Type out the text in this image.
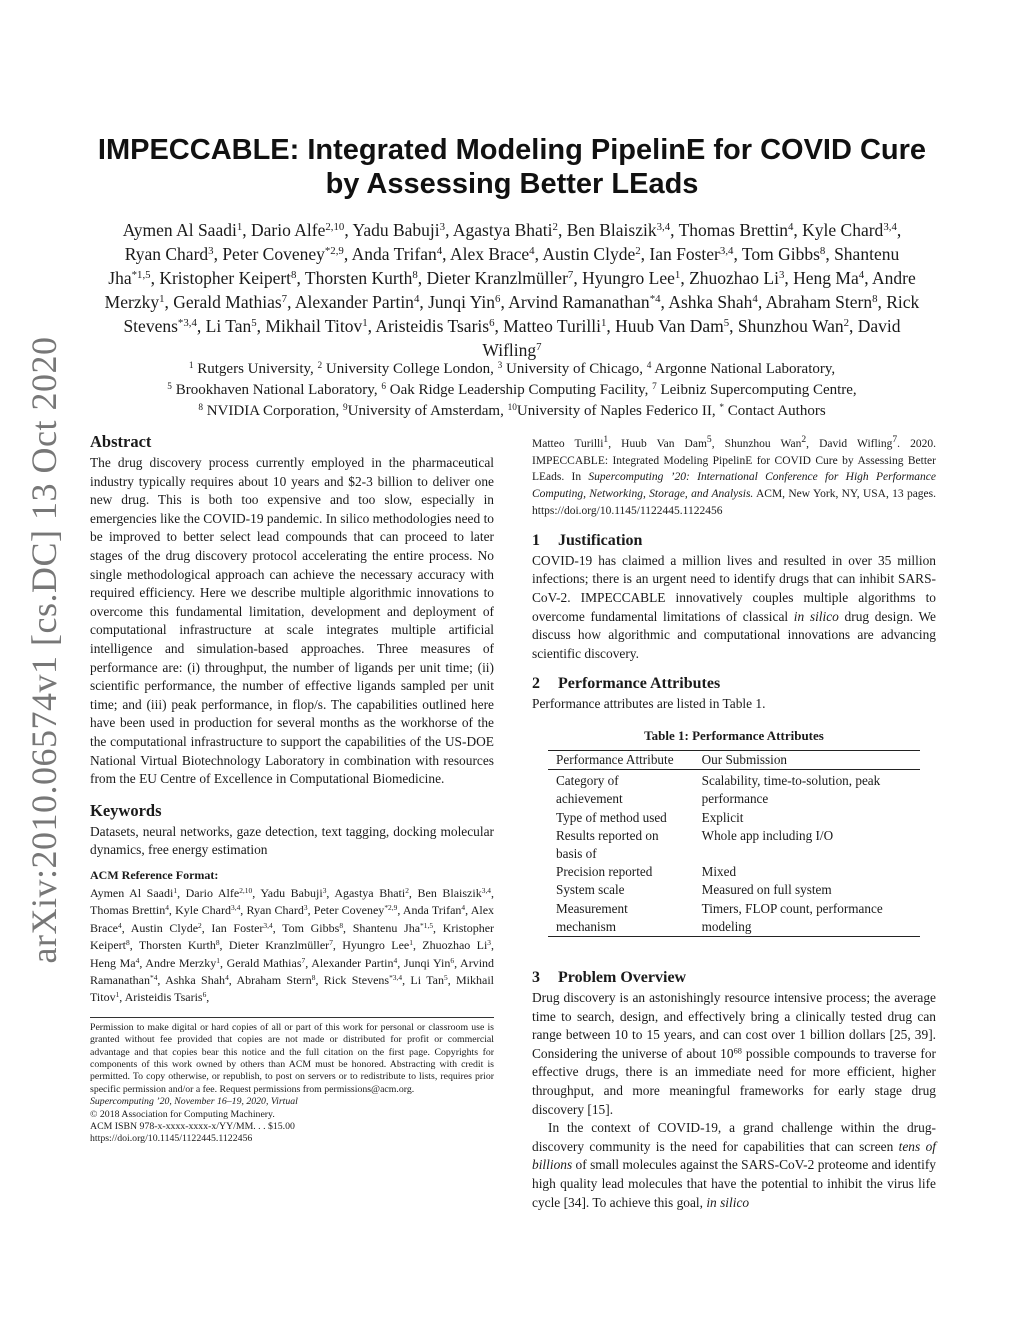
arXiv:2010.06574v1 [cs.DC] 13 Oct 2020
IMPECCABLE: Integrated Modeling PipelinE for COVID Cure
by Assessing Better LEads
Aymen Al Saadi$^1$, Dario Alfe$^{2,10}$, Yadu Babuji$^3$, Agastya Bhati$^2$, Ben Blaiszik$^{3,4}$, Thomas Brettin$^4$, Kyle Chard$^{3,4}$, Ryan Chard$^3$, Peter Coveney$^{*2,9}$, Anda Trifan$^4$, Alex Brace$^4$, Austin Clyde$^2$, Ian Foster$^{3,4}$, Tom Gibbs$^8$, Shantenu Jha$^{*1,5}$, Kristopher Keipert$^8$, Thorsten Kurth$^8$, Dieter Kranzlmüller$^7$, Hyungro Lee$^1$, Zhuozhao Li$^3$, Heng Ma$^4$, Andre Merzky$^1$, Gerald Mathias$^7$, Alexander Partin$^4$, Junqi Yin$^6$, Arvind Ramanathan$^{*4}$, Ashka Shah$^4$, Abraham Stern$^8$, Rick Stevens$^{*3,4}$, Li Tan$^5$, Mikhail Titov$^1$, Aristeidis Tsaris$^6$, Matteo Turilli$^1$, Huub Van Dam$^5$, Shunzhou Wan$^2$, David Wifling$^7$
$^1$ Rutgers University, $^2$ University College London, $^3$ University of Chicago, $^4$ Argonne National Laboratory,
$^5$ Brookhaven National Laboratory, $^6$ Oak Ridge Leadership Computing Facility, $^7$ Leibniz Supercomputing Centre,
$^8$ NVIDIA Corporation, $^9$University of Amsterdam, $^{10}$University of Naples Federico II, * Contact Authors
Abstract

The drug discovery process currently employed in the pharmaceutical industry typically requires about 10 years and $2-3 billion to deliver one new drug. This is both too expensive and too slow, especially in emergencies like the COVID-19 pandemic. In silico methodologies need to be improved to better select lead compounds that can proceed to later stages of the drug discovery protocol accelerating the entire process. No single methodological approach can achieve the necessary accuracy with required efficiency. Here we describe multiple algorithmic innovations to overcome this fundamental limitation, development and deployment of computational infrastructure at scale integrates multiple artificial intelligence and simulation-based approaches. Three measures of performance are: (i) throughput, the number of ligands per unit time; (ii) scientific performance, the number of effective ligands sampled per unit time; and (iii) peak performance, in flop/s. The capabilities outlined here have been used in production for several months as the workhorse of the the computational infrastructure to support the capabilities of the US-DOE National Virtual Biotechnology Laboratory in combination with resources from the EU Centre of Excellence in Computational Biomedicine.

Keywords

Datasets, neural networks, gaze detection, text tagging, docking molecular dynamics, free energy estimation

ACM Reference Format:

Aymen Al Saadi$^1$, Dario Alfe$^{2,10}$, Yadu Babuji$^3$, Agastya Bhati$^2$, Ben Blaiszik$^{3,4}$, Thomas Brettin$^4$, Kyle Chard$^{3,4}$, Ryan Chard$^3$, Peter Coveney$^{*2,9}$, Anda Trifan$^4$, Alex Brace$^4$, Austin Clyde$^2$, Ian Foster$^{3,4}$, Tom Gibbs$^8$, Shantenu Jha$^{*1,5}$, Kristopher Keipert$^8$, Thorsten Kurth$^8$, Dieter Kranzlmüller$^7$, Hyungro Lee$^1$, Zhuozhao Li$^3$, Heng Ma$^4$, Andre Merzky$^1$, Gerald Mathias$^7$, Alexander Partin$^4$, Junqi Yin$^6$, Arvind Ramanathan$^{*4}$, Ashka Shah$^4$, Abraham Stern$^8$, Rick Stevens$^{*3,4}$, Li Tan$^5$, Mikhail Titov$^1$, Aristeidis Tsaris$^6$,

Permission to make digital or hard copies of all or part of this work for personal or classroom use is granted without fee provided that copies are not made or distributed for profit or commercial advantage and that copies bear this notice and the full citation on the first page. Copyrights for components of this work owned by others than ACM must be honored. Abstracting with credit is permitted. To copy otherwise, or republish, to post on servers or to redistribute to lists, requires prior specific permission and/or a fee. Request permissions from permissions@acm.org.

Supercomputing ’20, November 16–19, 2020, Virtual

© 2018 Association for Computing Machinery.

ACM ISBN 978-x-xxxx-xxxx-x/YY/MM. . . $15.00

https://doi.org/10.1145/1122445.1122456

Matteo Turilli$^1$, Huub Van Dam$^5$, Shunzhou Wan$^2$, David Wifling$^7$. 2020. IMPECCABLE: Integrated Modeling PipelinE for COVID Cure by Assessing Better LEads. In Supercomputing ’20: International Conference for High Performance Computing, Networking, Storage, and Analysis. ACM, New York, NY, USA, 13 pages. https://doi.org/10.1145/1122445.1122456

1 Justification

COVID-19 has claimed a million lives and resulted in over 35 million infections; there is an urgent need to identify drugs that can inhibit SARS-CoV-2. IMPECCABLE innovatively couples multiple algorithms to overcome fundamental limitations of classical in silico drug design. We discuss how algorithmic and computational innovations are advancing scientific discovery.

2 Performance Attributes

Performance attributes are listed in Table 1.

Table 1: Performance Attributes
Performance Attribute	Our Submission
Category of achievement	Scalability, time-to-solution, peak performance
Type of method used	Explicit
Results reported on basis of	Whole app including I/O
Precision reported	Mixed
System scale	Measured on full system
Measurement mechanism	Timers, FLOP count, performance modeling
3 Problem Overview

Drug discovery is an astonishingly resource intensive process; the average time to search, design, and effectively bring a clinically tested drug can range between 10 to 15 years, and can cost over 1 billion dollars [25, 39]. Considering the universe of about $10^{68}$ possible compounds to traverse for effective drugs, there is an immediate need for more efficient, higher throughput, and more meaningful frameworks for early stage drug discovery [15].

In the context of COVID-19, a grand challenge within the drug-discovery community is the need for capabilities that can screen tens of billions of small molecules against the SARS-CoV-2 proteome and identify high quality lead molecules that have the potential to inhibit the virus life cycle [34]. To achieve this goal, in silico
